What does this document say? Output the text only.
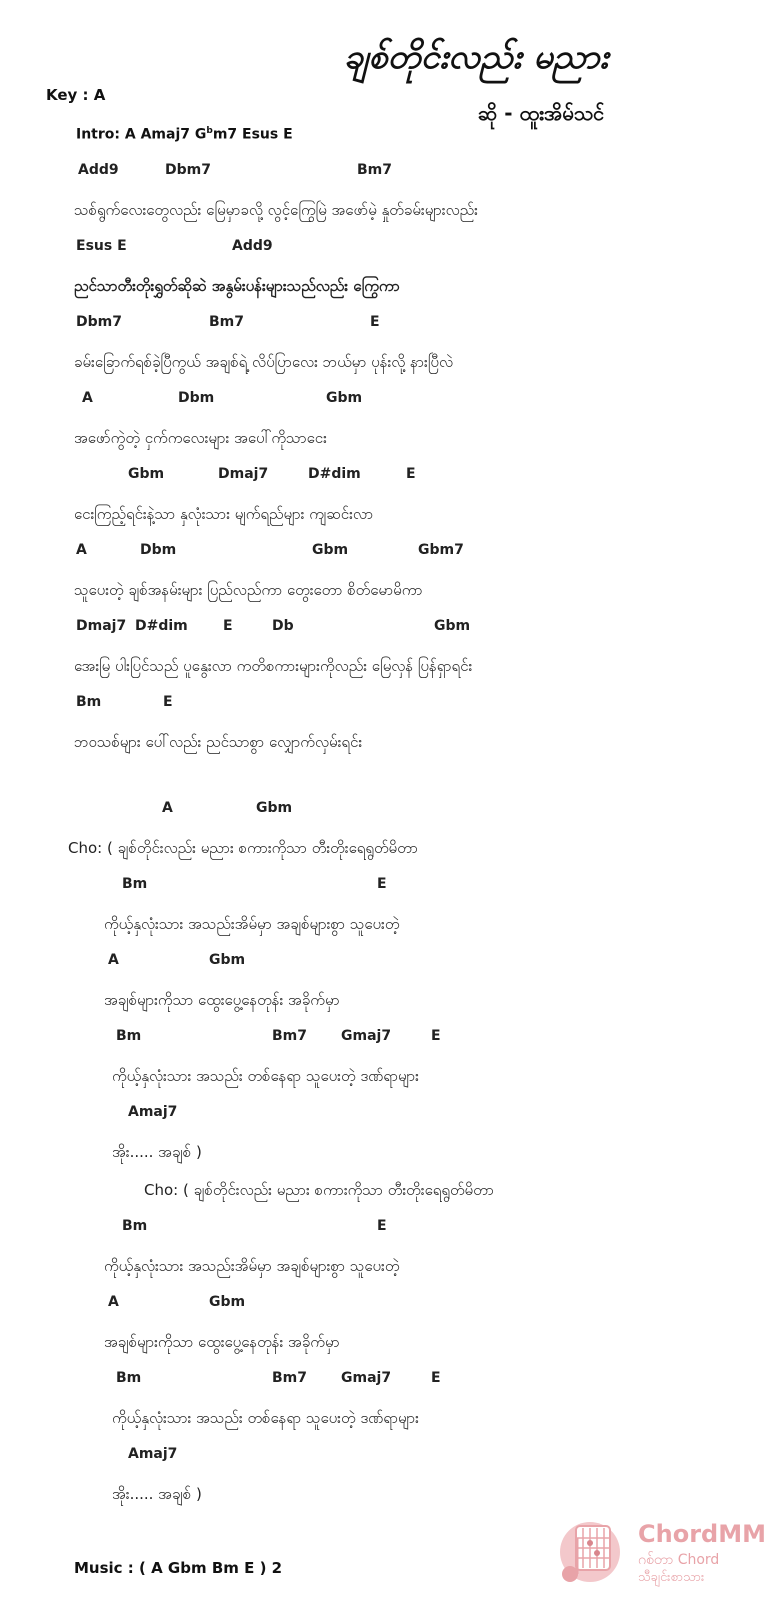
ချစ်တိုင်းလည်း မညား
ဆို - ထူးအိမ်သင်
Key : A
Intro: A Amaj7 $G^bm7$ Esus E
Add9	Dbm7	Bm7
သစ်ရွက်လေးတွေလည်း မြေမှာခလို့ လွင့်ကြွေမြဲ အဖော်မဲ့ နှုတ်ခမ်းများလည်း
Esus E	Add9
ညင်သာတီးတိုးရွှတ်ဆိုဆဲ အနွမ်းပန်းများသည်လည်း ကြွေကာ
Dbm7	Bm7	E
ခမ်းခြောက်ရစ်ခဲ့ပြီကွယ် အချစ်ရဲ့ လိပ်ပြာလေး ဘယ်မှာ ပုန်းလို့ နားပြီလဲ
A	Dbm	Gbm
အဖော်ကွဲတဲ့ ငှက်ကလေးများ အပေါ်ကိုသာငေး
Gbm	Dmaj7	D#dim	E
ငေးကြည့်ရင်းနဲ့သာ နှလုံးသား မျက်ရည်များ ကျဆင်းလာ
A	Dbm	Gbm	Gbm7
သူပေးတဲ့ ချစ်အနမ်းများ ပြည်လည်ကာ တွေးတော စိတ်မောမိကာ
Dmaj7 D#dim	E	Db	Gbm
အေးမြ ပါးပြင်သည် ပူနွေးလာ ကတိစကားများကိုလည်း မြေလှန် ပြန်ရှာရင်း
Bm	E
ဘဝသစ်များ ပေါ်လည်း ညင်သာစွာ လျှောက်လှမ်းရင်း
A	Gbm
Cho: ( ချစ်တိုင်းလည်း မညား စကားကိုသာ တီးတိုးရေရွတ်မိတာ
Bm	E
ကိုယ့်နှလုံးသား အသည်းအိမ်မှာ အချစ်များစွာ သူပေးတဲ့
A	Gbm
အချစ်များကိုသာ ထွေးပွေ့နေတုန်း အခိုက်မှာ
Bm	Bm7 Gmaj7	E
ကိုယ့်နှလုံးသား အသည်း တစ်နေရာ သူပေးတဲ့ ဒဏ်ရာများ
Amaj7
အိုး..... အချစ် )
Cho: ( ချစ်တိုင်းလည်း မညား စကားကိုသာ တီးတိုးရေရွတ်မိတာ
Bm	E
ကိုယ့်နှလုံးသား အသည်းအိမ်မှာ အချစ်များစွာ သူပေးတဲ့
A	Gbm
အချစ်များကိုသာ ထွေးပွေ့နေတုန်း အခိုက်မှာ
Bm	Bm7 Gmaj7	E
ကိုယ့်နှလုံးသား အသည်း တစ်နေရာ သူပေးတဲ့ ဒဏ်ရာများ
Amaj7
အိုး..... အချစ် )
Music : ( A Gbm Bm E ) 2
ChordMM
ဂစ်တာ Chord
သီချင်းစာသား
